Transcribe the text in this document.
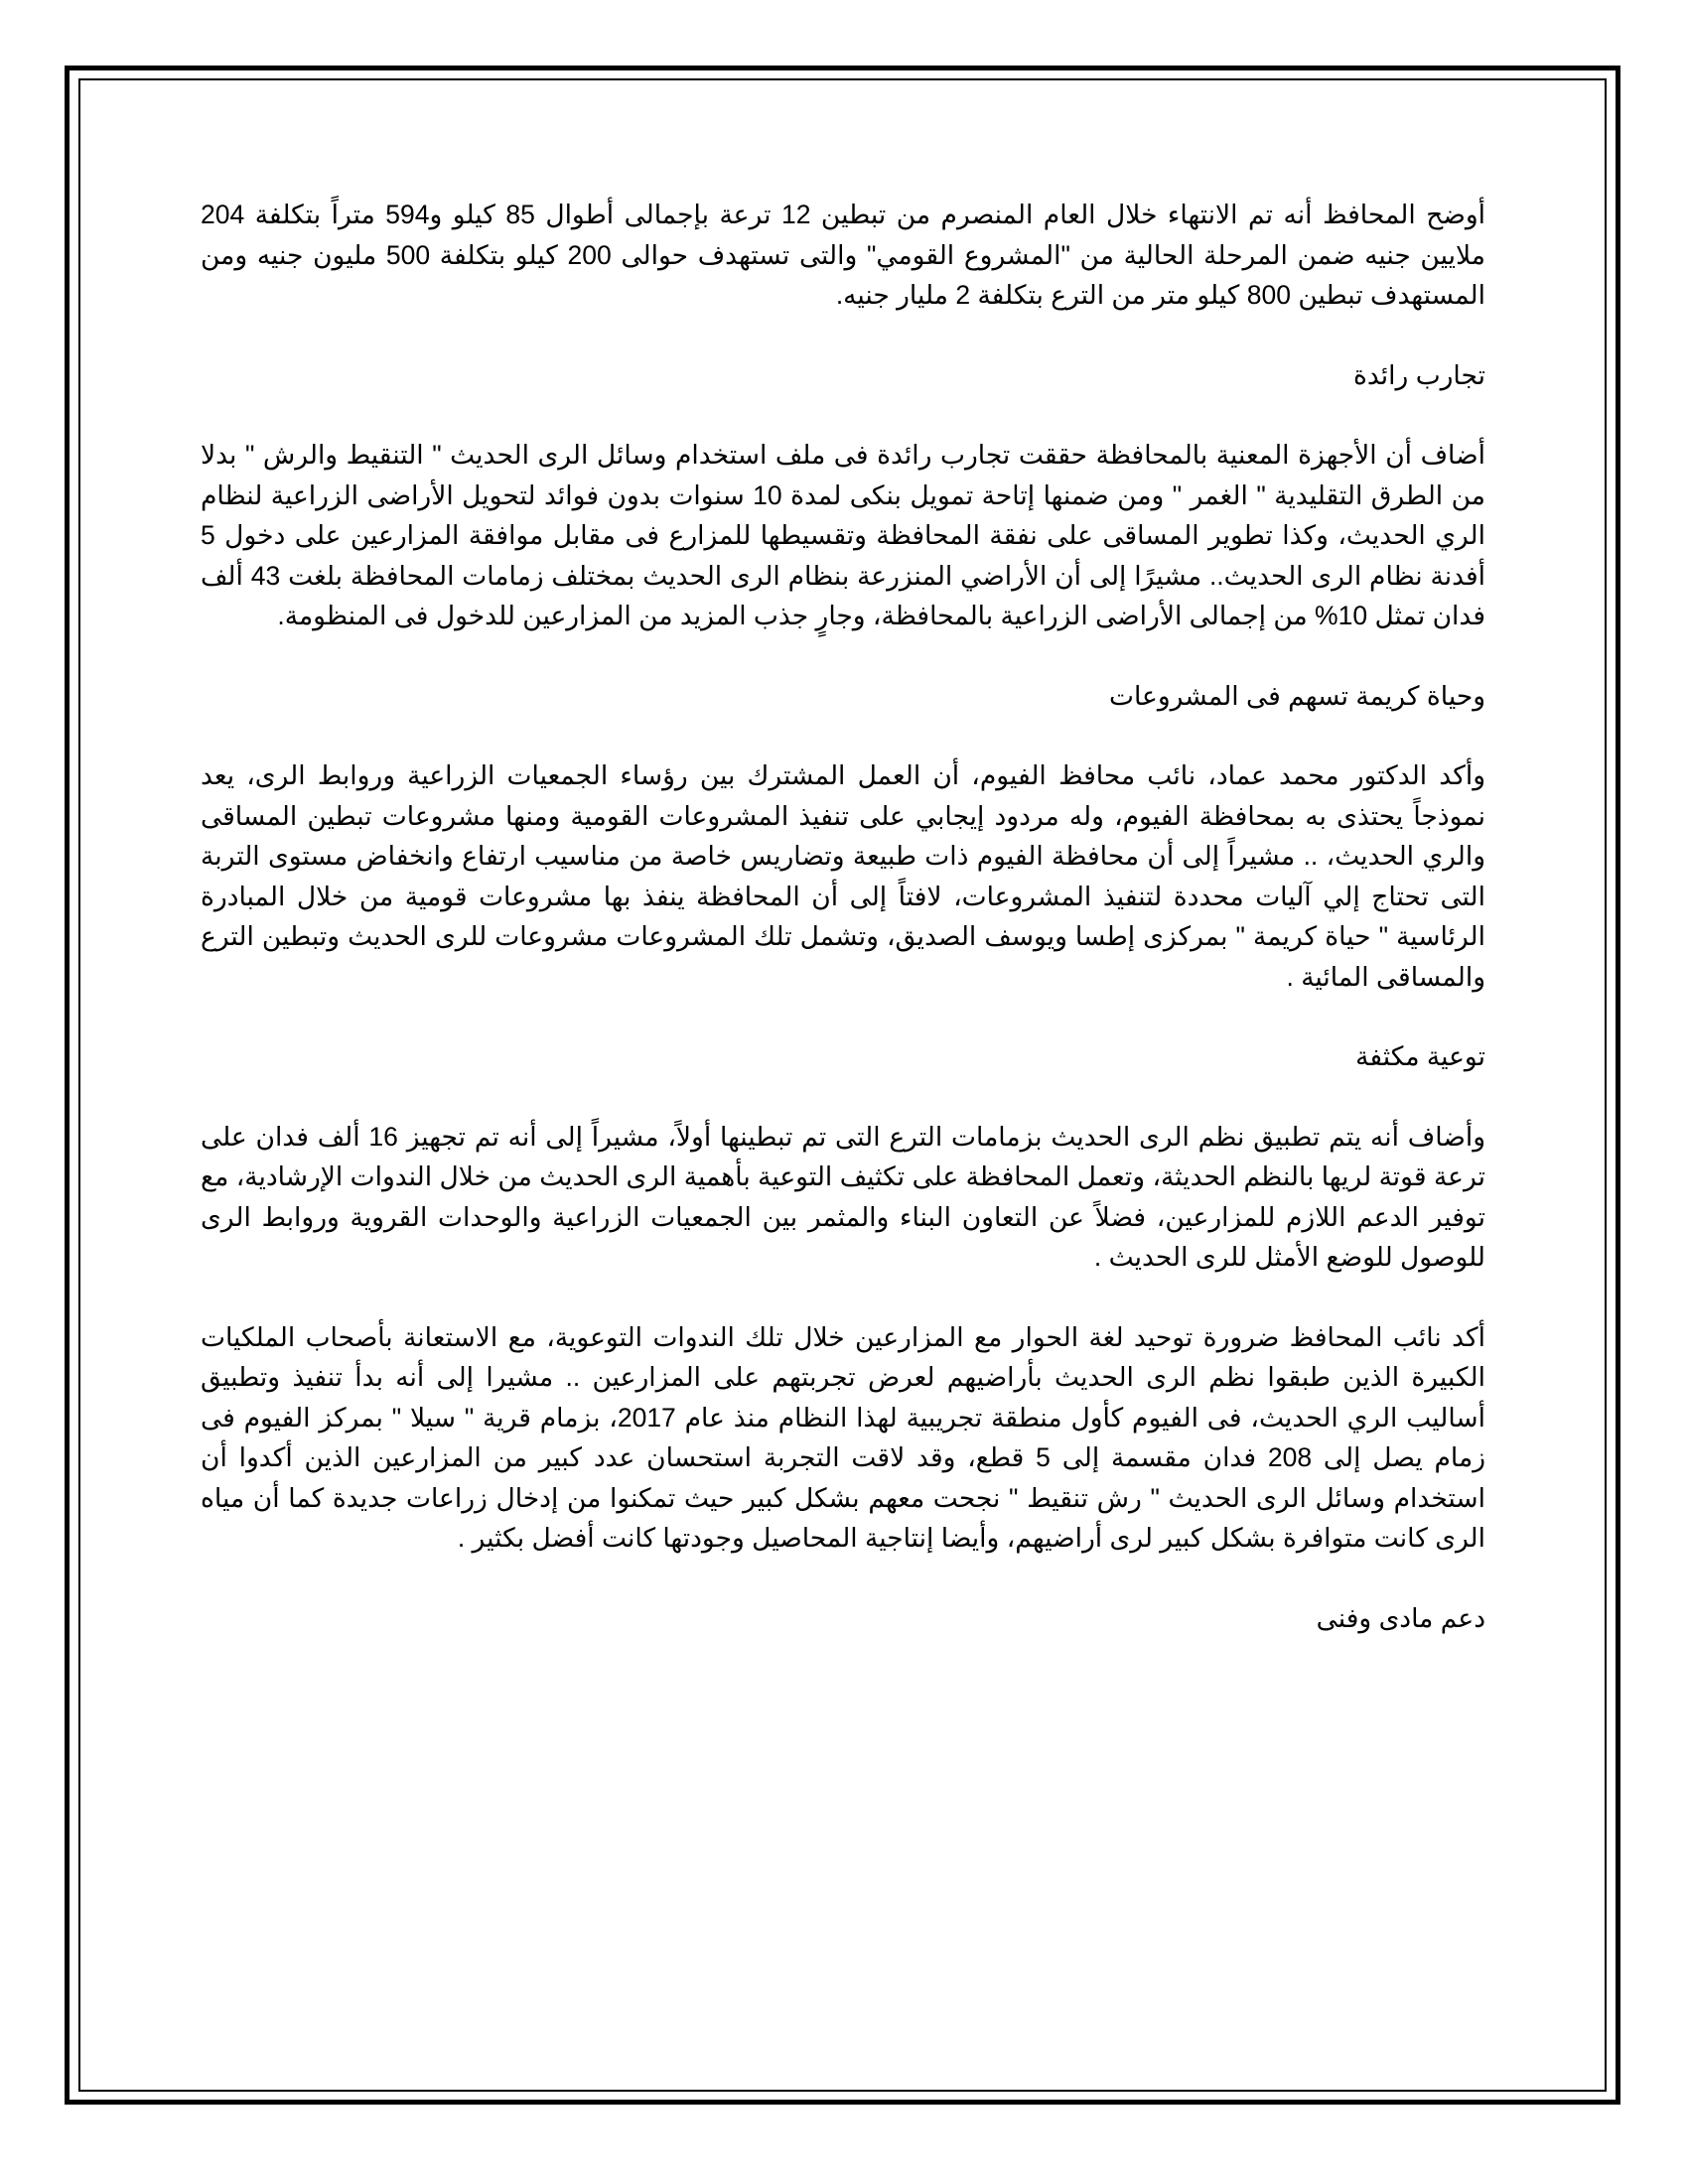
أوضح المحافظ أنه تم الانتهاء خلال العام المنصرم من تبطين 12 ترعة بإجمالى أطوال 85 كيلو و594 متراً بتكلفة 204 ملايين جنيه ضمن المرحلة الحالية من "المشروع القومي" والتى تستهدف حوالى 200 كيلو بتكلفة 500 مليون جنيه ومن المستهدف تبطين 800 كيلو متر من الترع بتكلفة 2 مليار جنيه.

تجارب رائدة

أضاف أن الأجهزة المعنية بالمحافظة حققت تجارب رائدة فى ملف استخدام وسائل الرى الحديث " التنقيط والرش " بدلا من الطرق التقليدية " الغمر " ومن ضمنها إتاحة تمويل بنكى لمدة 10 سنوات بدون فوائد لتحويل الأراضى الزراعية لنظام الري الحديث، وكذا تطوير المساقى على نفقة المحافظة وتقسيطها للمزارع فى مقابل موافقة المزارعين على دخول 5 أفدنة نظام الرى الحديث.. مشيرًا إلى أن الأراضي المنزرعة بنظام الرى الحديث بمختلف زمامات المحافظة بلغت 43 ألف فدان تمثل 10% من إجمالى الأراضى الزراعية بالمحافظة، وجارٍ جذب المزيد من المزارعين للدخول فى المنظومة.

وحياة كريمة تسهم فى المشروعات

وأكد الدكتور محمد عماد، نائب محافظ الفيوم، أن العمل المشترك بين رؤساء الجمعيات الزراعية وروابط الرى، يعد نموذجاً يحتذى به بمحافظة الفيوم، وله مردود إيجابي على تنفيذ المشروعات القومية ومنها مشروعات تبطين المساقى والري الحديث، .. مشيراً إلى أن محافظة الفيوم ذات طبيعة وتضاريس خاصة من مناسيب ارتفاع وانخفاض مستوى التربة التى تحتاج إلي آليات محددة لتنفيذ المشروعات، لافتاً إلى أن المحافظة ينفذ بها مشروعات قومية من خلال المبادرة الرئاسية " حياة كريمة " بمركزى إطسا ويوسف الصديق، وتشمل تلك المشروعات مشروعات للرى الحديث وتبطين الترع والمساقى المائية .

توعية مكثفة

وأضاف أنه يتم تطبيق نظم الرى الحديث بزمامات الترع التى تم تبطينها أولاً، مشيراً إلى أنه تم تجهيز 16 ألف فدان على ترعة قوتة لريها بالنظم الحديثة، وتعمل المحافظة على تكثيف التوعية بأهمية الرى الحديث من خلال الندوات الإرشادية، مع توفير الدعم اللازم للمزارعين، فضلاً عن التعاون البناء والمثمر بين الجمعيات الزراعية والوحدات القروية وروابط الرى للوصول للوضع الأمثل للرى الحديث .

أكد نائب المحافظ ضرورة توحيد لغة الحوار مع المزارعين خلال تلك الندوات التوعوية، مع الاستعانة بأصحاب الملكيات الكبيرة الذين طبقوا نظم الرى الحديث بأراضيهم لعرض تجربتهم على المزارعين .. مشيرا إلى أنه بدأ تنفيذ وتطبيق أساليب الري الحديث، فى الفيوم كأول منطقة تجريبية لهذا النظام منذ عام 2017، بزمام قرية " سيلا " بمركز الفيوم فى زمام يصل إلى 208 فدان مقسمة إلى 5 قطع، وقد لاقت التجربة استحسان عدد كبير من المزارعين الذين أكدوا أن استخدام وسائل الرى الحديث " رش تنقيط " نجحت معهم بشكل كبير حيث تمكنوا من إدخال زراعات جديدة كما أن مياه الرى كانت متوافرة بشكل كبير لرى أراضيهم، وأيضا إنتاجية المحاصيل وجودتها كانت أفضل بكثير .

دعم مادى وفنى
